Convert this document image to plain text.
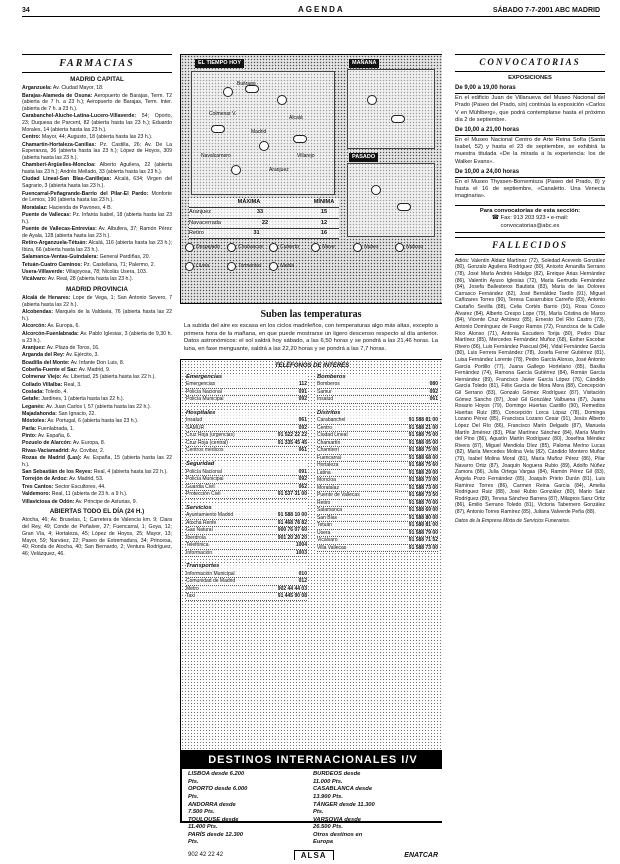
34	AGENDA	SÁBADO 7-7-2001 ABC MADRID
FARMACIAS
MADRID CAPITAL
Arganzuela: Av. Ciudad Mayor, 18.
Barajas-Alameda de Osuna: Aeropuerto de Barajas, Term. T2 (abierta de 7 h. a 23 h.); Aeropuerto de Barajas, Term. Inter. (abierta de 7 h. a 23 h.).
Carabanchel-Aluche-Latina-Lucero-Villaverde: 54; Oporto, 23; Duquesa de Parcent, 82 (abierta hasta las 23 h.); Eduardo Morales, 14 (abierta hasta las 23 h.).
Centro: Mayor, 44; Augusto, 18 (abierta hasta las 23 h.).
Chamartín-Hortaleza-Canillas: Pz. Castilla, 26; Av. De La Esperanza, 36 (abierta hasta las 23 h.); López de Hoyos, 309 (abierta hasta las 23 h.).
Chamberí-Argüelles-Moncloa: Alberto Aguilera, 22 (abierta hasta las 23 h.); Andrés Mellado, 33 (abierta hasta las 23 h.).
Ciudad Lineal-San Blas-Canillejas: Alcalá, 634; Virgen del Sagrario, 3 (abierta hasta las 23 h.).
Fuencarral-Peñagrande-Barrio del Pilar-El Pardo: Monforte de Lemos, 190 (abierta hasta las 23 h.).
Moratalaz: Hacienda de Pavones, 4 B.
Puente de Vallecas: Pz. Infanta Isabel, 18 (abierta hasta las 23 h.).
Puente de Vallecas-Entrevías: Av. Albufera, 37; Ramón Pérez de Ayala, 128 (abierta hasta las 23 h.).
Retiro-Arganzuela-Tétuán: Alcalá, 116 (abierta hasta las 23 h.); Ibiza, 66 (abierta hasta las 23 h.).
Salamanca-Ventas-Guindalera: General Pardiñas, 20.
Tetuán-Cuatro Caminos: Pz. Castellana, 71; Palermo, 2.
Usera-Villaverde: Villajoyosa, 78; Nicolás Usera, 103.
Vicálvaro: Av. Real, 28 (abierta hasta las 23 h.).
MADRID PROVINCIA
Alcalá de Henares: Lope de Vega, 1; San Antonio Severo, 7 (abierta hasta las 22 h.).
Alcobendas: Marqués de la Valdavia, 76 (abierta hasta las 22 h.).
Alcorcón: Av. Europa, 6.
Alcorcón-Fuenlabrada: Av. Pablo Iglesias, 3 (abierta de 9,30 h. a 23 h.).
Aranjuez: Av. Plaza de Toros, 16.
Arganda del Rey: Av. Ejército, 3.
Boadilla del Monte: Av. Infante Don Luis, 8.
Cobeña-Fuente el Saz: Av. Madrid, 9.
Colmenar Viejo: Av. Libertad, 25 (abierta hasta las 22 h.).
Collado Villalba: Real, 3.
Coslada: Toledo, 4.
Getafe: Jardines, 1 (abierta hasta las 22 h.).
Leganés: Av. Juan Carlos I, 57 (abierta hasta las 22 h.).
Majadahonda: San Ignacio, 22.
Móstoles: Av. Portugal, 6 (abierta hasta las 23 h.).
Parla: Fuenlabrada, 1.
Pinto: Av. España, 6.
Pozuelo de Alarcón: Av. Europa, 8.
Rivas-Vaciamadrid: Av. Covibar, 2.
Rozas de Madrid (Las): Av. España, 15 (abierta hasta las 22 h.).
San Sebastián de los Reyes: Real, 4 (abierta hasta las 22 h.).
Torrejón de Ardoz: Av. Madrid, 53.
Tres Cantos: Sector Escultores, 44.
Valdemoro: Real, 11 (abierta de 23 h. a 9 h.).
Villaviciosa de Odón: Av. Principe de Asturias, 9.
ABIERTAS TODO EL DÍA (24 H.)
Atocha, 46; Av. Bruselas, 1; Carretera de Valencia km. 9; Clara del Rey, 49; Conde de Peñalver, 27; Fuencarral, 1; Goya, 12; Gran Vía, 4; Hortaleza, 45; López de Hoyos, 25; Mayor, 13; Mayor, 59; Narváez, 22; Paseo de Extremadura, 34; Princesa, 40; Ronda de Atocha, 40; San Bernardo, 2; Ventura Rodríguez, 46; Velázquez, 46.
EL TIEMPO HOY	MAÑANA
PASADO
Buitrago
Colmenar V.
Alcalá
Madrid
Navalcarnero
Aranjuez
Villarejo
MÁXIMA	MÍNIMA
Aranjuez	33	15
Navacerrada	22	12
Retiro	31	16
Despejado	Chubascos	Cubierto	Nieve	Nubes	Nuboso
Lluvia	Tormentas	Niebla
Suben las temperaturas
La subida del aire es escasa en los ciclos madrileños, con temperaturas algo más altas, excepto a primera hora de la mañana, en que puede mostrarse un ligero descenso respecto al día anterior. Datos astronómicos: el sol saldrá hoy sábado, a las 6,50 horas y se pondrá a las 21,46 horas. La luna, en fase menguante, saldrá a las 22,20 horas y se pondrá a las 7,7 horas.
TELÉFONOS DE INTERÉS
Emergencias
Emergencias	112
Policía Nacional	091
Policía Municipal	092
Hospitales
Insalud	061
SAMUR	092
Cruz Roja (urgencias)	91 522 22 22
Cruz Roja (central)	91 335 45 45
Centros médicos	061
Seguridad
Policía Nacional	091
Policía Municipal	092
Guardia Civil	062
Protección Civil	91 537 31 00
Servicios
Ayuntamiento Madrid	91 588 10 00
Atocha Renfe	91 468 78 82
Gas Natural	900 76 07 60
Iberdrola	901 20 20 20
Telefónica	1004
Información	1003
Transportes
Información Municipal	010
Comunidad de Madrid	012
Metro	902 44 44 03
Taxi	91 445 90 08
Bomberos
Bomberos	080
Samur	092
Insalud	061
Distritos
Carabanchel	91 588 81 00
Centro	91 588 21 00
Ciudad Lineal	91 588 75 00
Chamartín	91 588 05 00
Chamberí	91 588 75 00
Fuencarral	91 588 68 00
Hortaleza	91 588 75 60
Latina	91 588 29 00
Moncloa	91 588 73 00
Moratalaz	91 588 73 00
Puente de Vallecas	91 588 73 50
Retiro	91 588 70 00
Salamanca	91 588 69 00
San Blas	91 588 80 00
Tetuán	91 588 81 00
Usera	91 588 79 00
Vicálvaro	91 588 71 52
Villa Vallecas	91 588 73 00
DESTINOS INTERNACIONALES I/V
LISBOA desde 6.200 Pts.
OPORTO desde 6.000 Pts.
ANDORRA desde 7.500 Pts.
TOULOUSE desde 11.400 Pts.
PARÍS desde 12.300 Pts.
BURDEOS desde 11.000 Pts.
CASABLANCA desde 13.900 Pts.
TÁNGER desde 11.300 Pts.
VARSOVIA desde 26.500 Pts.
Otros destinos en Europa
902 42 22 42	ALSA	ENATCAR
CONVOCATORIAS
EXPOSICIONES
De 9,00 a 19,00 horas
En el edificio Juan de Villanueva del Museo Nacional del Prado (Paseo del Prado, s/n) continúa la exposición «Carlos V en Mühlberg», que podrá contemplarse hasta el próximo día 2 de septiembre.
De 10,00 a 21,00 horas
En el Museo Nacional Centro de Arte Reina Sofía (Santa Isabel, 52) y hasta el 23 de septiembre, se exhibirá la muestra titulada «De la mirada a la experiencia: los de Walker Evans».
De 10,00 a 24,00 horas
En el Museo Thyssen-Bornemisza (Paseo del Prado, 8) y hasta el 16 de septiembre, «Canaletto. Una Venecia imaginaria».
Para convocatorias de esta sección:
☎ Fax: 913 203 923 • e-mail:
convocatorias@abc.es
FALLECIDOS
Adiós: Valentín Aldaiz Martínez (72), Soledad Acevedo González (80), Gonzalo Aguilera Rodríguez (80), Aniceto Arnanilla Serrano (78), José María Andrés Hidalgo (82), Enrique Arias Hernández (86), Valentín Ayuso Iglesias (72), María Gertrudis Fernández (84), Josefa Ballesteros Bautista (83), María de las Dolores Carrasco Fernández (82), José Bernáldez Tardío (91), Miguel Cañizares Torres (90), Teresa Casarrubios Carreño (83), Antonio Castaño Sevilla (88), Celia Cortés Barrio (91), Rosa Cosco Álvarez (84), Alberto Crespo Lope (79), María Cristina de Marco (84), Vicente Cruz Antúnez (85), Ernesto Del Río Castro (73), Antonio Domínguez de Fuego Ramos (72), Francisca de la Calle Rico Alonso (71), Antonia Escudero Torija (80), Pedro Díaz Martínez (85), Mercedes Fernández Muñoz (68), Esther Escobar Rivero (86), Luis Fernández Pascual (84), Vidal Fernández García (80), Luis Ferrera Fernández (78), Josefa Ferrer Gutiérrez (81), Luisa Fernández Lorente (78), Pedro García Alonso, José Antonio García Portillo (77), Juana Gallego Hortelano (85), Basilia Fernández (74), Ramona García Gutiérrez (84), Román García Hernández (89), Francisco Javier García López (76), Cándido García Toledo (81), Félix García de Mora Mora (88), Concepción Gil Serrano (83), Gonzalo Gómez Rodríguez (87), Visitación Gómez Sancho (87), José Gil González Valbuena (87), Juana Rosario Hoyos (79), Domingo Huertas Castillo (90), Remedios Huertas Ruiz (85), Concepción Lorca Lópaz (78), Dominga Lozano Pérez (85), Francisca Lozano Cesar (91), Jesús Alberto López Del Río (86), Francisco Marín Delgado (87), Manuela Martín Jiménez (83), Pilar Martínez Sánchez (84), María Martín del Pino (86), Agustín Martín Rodríguez (80), Josefina Méndez Rivera (87), Miguel Mendiola Díez (85), Paloma Merino Lucas (82), María Mercedes Molina Vela (82), Cándido Montero Muñoz (79), Isabel Molina Moral (81), María Muñoz Pérez (86), Pilar Navarro Ortiz (87), Joaquín Noguera Rubio (89), Adolfo Núñez Zamora (86), Julia Ortega Vargas (84), Ramón Pérez Gil (83), Ángela Pozo Fernández (85), Joaquín Prieto Durán (81), Luis Ramírez Torres (86), Carmen Reina García (84), Amelia Rodríguez Ruiz (88), José Rubio González (80), Mario Saiz Rodríguez (89), Teresa Sánchez Barrera (87), Milagros Sanz Ortiz (86), Emilio Serrano Toledo (81), Victoria Tabernero González (87), Antonio Torres Ramírez (85), Juliana Valverde Peña (88).
Datos de la Empresa Mixta de Servicios Funerarios.
